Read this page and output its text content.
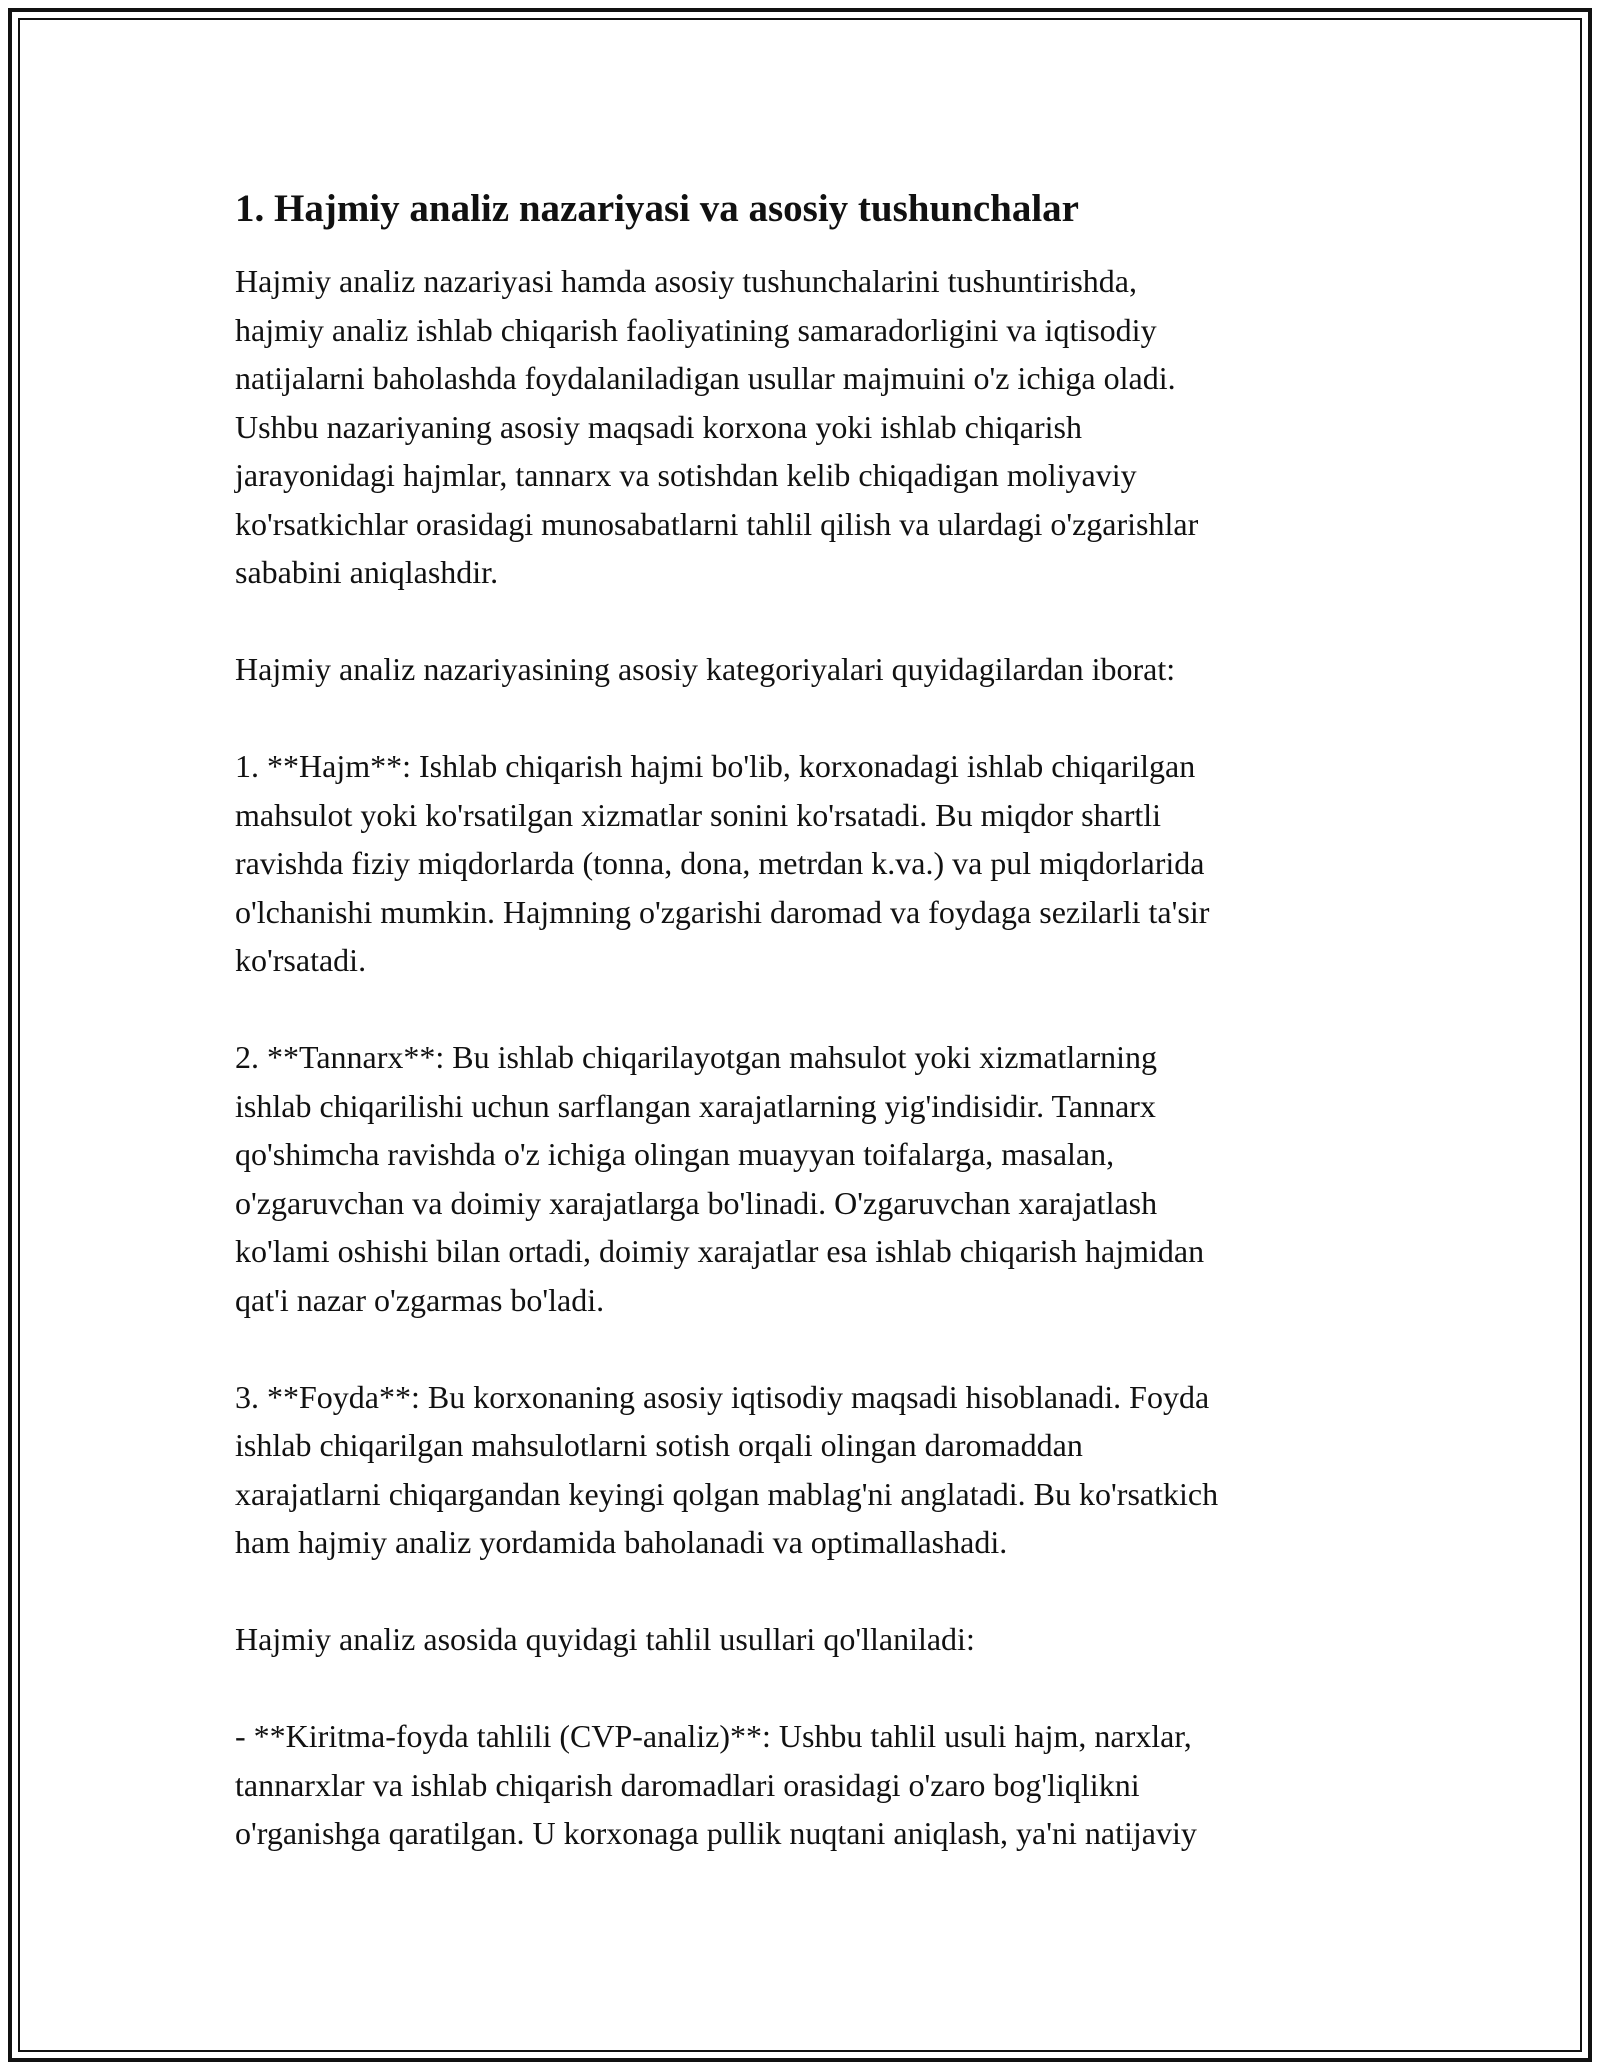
1. Hajmiy analiz nazariyasi va asosiy tushunchalar

Hajmiy analiz nazariyasi hamda asosiy tushunchalarini tushuntirishda,
hajmiy analiz ishlab chiqarish faoliyatining samaradorligini va iqtisodiy
natijalarni baholashda foydalaniladigan usullar majmuini o'z ichiga oladi.
Ushbu nazariyaning asosiy maqsadi korxona yoki ishlab chiqarish
jarayonidagi hajmlar, tannarx va sotishdan kelib chiqadigan moliyaviy
ko'rsatkichlar orasidagi munosabatlarni tahlil qilish va ulardagi o'zgarishlar
sababini aniqlashdir.

Hajmiy analiz nazariyasining asosiy kategoriyalari quyidagilardan iborat:

1. **Hajm**: Ishlab chiqarish hajmi bo'lib, korxonadagi ishlab chiqarilgan
mahsulot yoki ko'rsatilgan xizmatlar sonini ko'rsatadi. Bu miqdor shartli
ravishda fiziy miqdorlarda (tonna, dona, metrdan k.va.) va pul miqdorlarida
o'lchanishi mumkin. Hajmning o'zgarishi daromad va foydaga sezilarli ta'sir
ko'rsatadi.

2. **Tannarx**: Bu ishlab chiqarilayotgan mahsulot yoki xizmatlarning
ishlab chiqarilishi uchun sarflangan xarajatlarning yig'indisidir. Tannarx
qo'shimcha ravishda o'z ichiga olingan muayyan toifalarga, masalan,
o'zgaruvchan va doimiy xarajatlarga bo'linadi. O'zgaruvchan xarajatlash
ko'lami oshishi bilan ortadi, doimiy xarajatlar esa ishlab chiqarish hajmidan
qat'i nazar o'zgarmas bo'ladi.

3. **Foyda**: Bu korxonaning asosiy iqtisodiy maqsadi hisoblanadi. Foyda
ishlab chiqarilgan mahsulotlarni sotish orqali olingan daromaddan
xarajatlarni chiqargandan keyingi qolgan mablag'ni anglatadi. Bu ko'rsatkich
ham hajmiy analiz yordamida baholanadi va optimallashadi.

Hajmiy analiz asosida quyidagi tahlil usullari qo'llaniladi:

- **Kiritma-foyda tahlili (CVP-analiz)**: Ushbu tahlil usuli hajm, narxlar,
tannarxlar va ishlab chiqarish daromadlari orasidagi o'zaro bog'liqlikni
o'rganishga qaratilgan. U korxonaga pullik nuqtani aniqlash, ya'ni natijaviy
